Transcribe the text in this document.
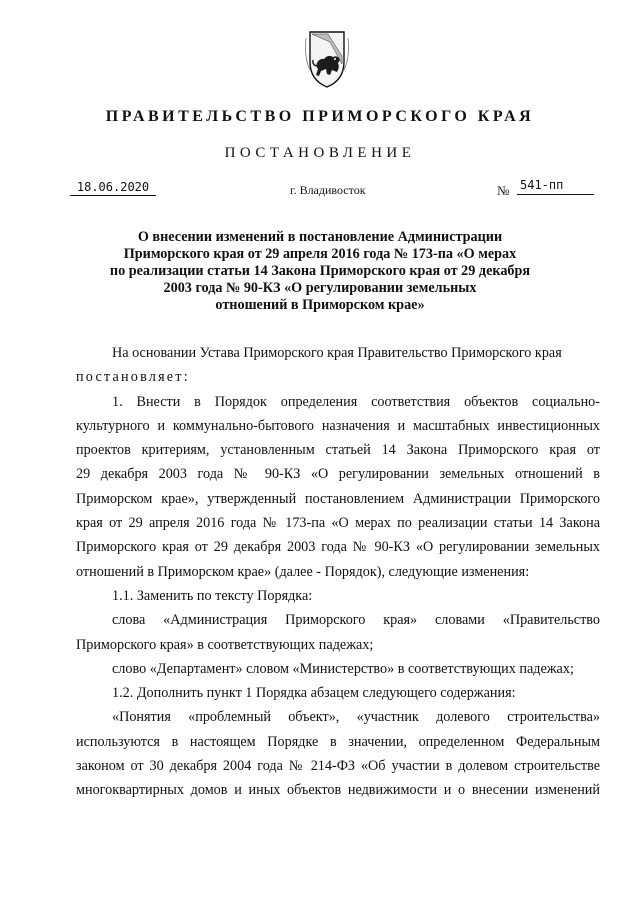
ПРАВИТЕЛЬСТВО ПРИМОРСКОГО КРАЯ
ПОСТАНОВЛЕНИЕ
18.06.2020	г. Владивосток	№ 541-пп
О внесении изменений в постановление Администрации
Приморского края от 29 апреля 2016 года № 173-па «О мерах
по реализации статьи 14 Закона Приморского края от 29 декабря
2003 года № 90-КЗ «О регулировании земельных
отношений в Приморском крае»
На основании Устава Приморского края Правительство Приморского края
постановляет:
1. Внести в Порядок определения соответствия объектов социально-
культурного и коммунально-бытового назначения и масштабных инвестиционных
проектов критериям, установленным статьей 14 Закона Приморского края от
29 декабря 2003 года № 90-КЗ «О регулировании земельных отношений в
Приморском крае», утвержденный постановлением Администрации Приморского
края от 29 апреля 2016 года № 173-па «О мерах по реализации статьи 14 Закона
Приморского края от 29 декабря 2003 года № 90-КЗ «О регулировании земельных
отношений в Приморском крае» (далее - Порядок), следующие изменения:
1.1. Заменить по тексту Порядка:
слова «Администрация Приморского края» словами «Правительство
Приморского края» в соответствующих падежах;
слово «Департамент» словом «Министерство» в соответствующих падежах;
1.2. Дополнить пункт 1 Порядка абзацем следующего содержания:
«Понятия «проблемный объект», «участник долевого строительства»
используются в настоящем Порядке в значении, определенном Федеральным
законом от 30 декабря 2004 года № 214-ФЗ «Об участии в долевом строительстве
многоквартирных домов и иных объектов недвижимости и о внесении изменений
